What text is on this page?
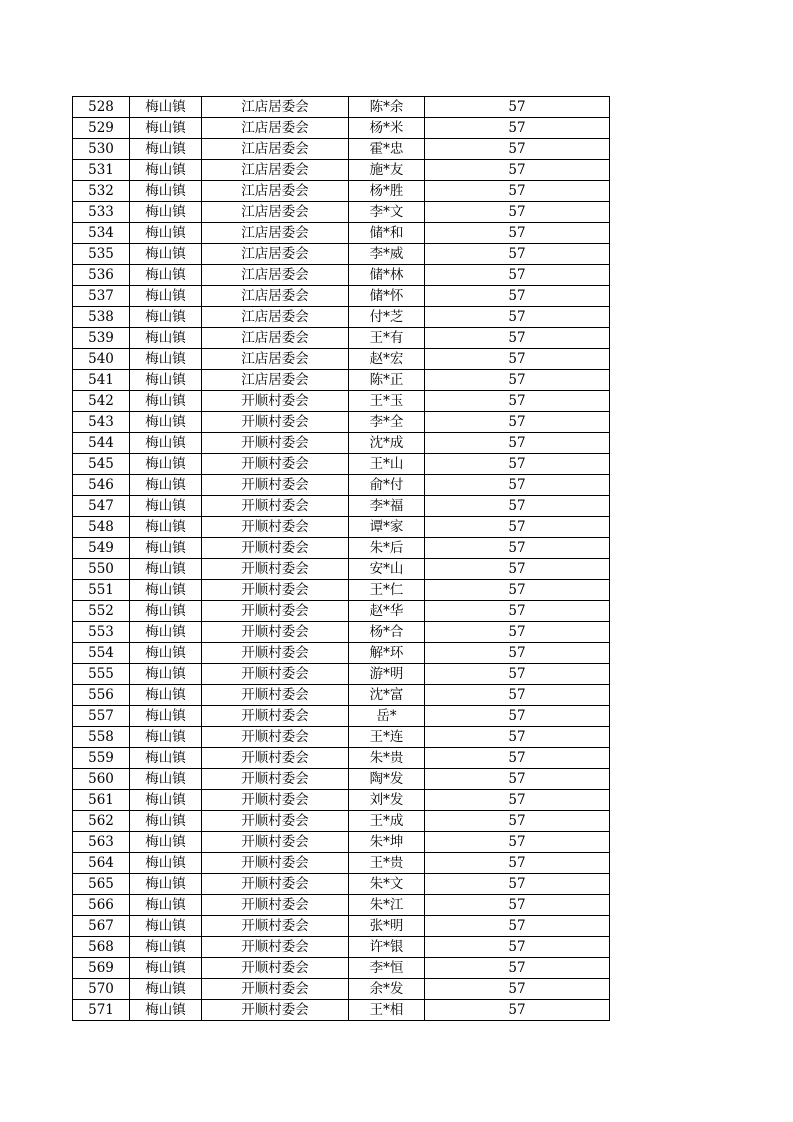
528	梅山镇	江店居委会	陈*余	57
529	梅山镇	江店居委会	杨*米	57
530	梅山镇	江店居委会	霍*忠	57
531	梅山镇	江店居委会	施*友	57
532	梅山镇	江店居委会	杨*胜	57
533	梅山镇	江店居委会	李*文	57
534	梅山镇	江店居委会	储*和	57
535	梅山镇	江店居委会	李*威	57
536	梅山镇	江店居委会	储*林	57
537	梅山镇	江店居委会	储*怀	57
538	梅山镇	江店居委会	付*芝	57
539	梅山镇	江店居委会	王*有	57
540	梅山镇	江店居委会	赵*宏	57
541	梅山镇	江店居委会	陈*正	57
542	梅山镇	开顺村委会	王*玉	57
543	梅山镇	开顺村委会	李*全	57
544	梅山镇	开顺村委会	沈*成	57
545	梅山镇	开顺村委会	王*山	57
546	梅山镇	开顺村委会	俞*付	57
547	梅山镇	开顺村委会	李*福	57
548	梅山镇	开顺村委会	谭*家	57
549	梅山镇	开顺村委会	朱*后	57
550	梅山镇	开顺村委会	安*山	57
551	梅山镇	开顺村委会	王*仁	57
552	梅山镇	开顺村委会	赵*华	57
553	梅山镇	开顺村委会	杨*合	57
554	梅山镇	开顺村委会	解*环	57
555	梅山镇	开顺村委会	游*明	57
556	梅山镇	开顺村委会	沈*富	57
557	梅山镇	开顺村委会	岳*	57
558	梅山镇	开顺村委会	王*连	57
559	梅山镇	开顺村委会	朱*贵	57
560	梅山镇	开顺村委会	陶*发	57
561	梅山镇	开顺村委会	刘*发	57
562	梅山镇	开顺村委会	王*成	57
563	梅山镇	开顺村委会	朱*坤	57
564	梅山镇	开顺村委会	王*贵	57
565	梅山镇	开顺村委会	朱*文	57
566	梅山镇	开顺村委会	朱*江	57
567	梅山镇	开顺村委会	张*明	57
568	梅山镇	开顺村委会	许*银	57
569	梅山镇	开顺村委会	李*恒	57
570	梅山镇	开顺村委会	余*发	57
571	梅山镇	开顺村委会	王*相	57
